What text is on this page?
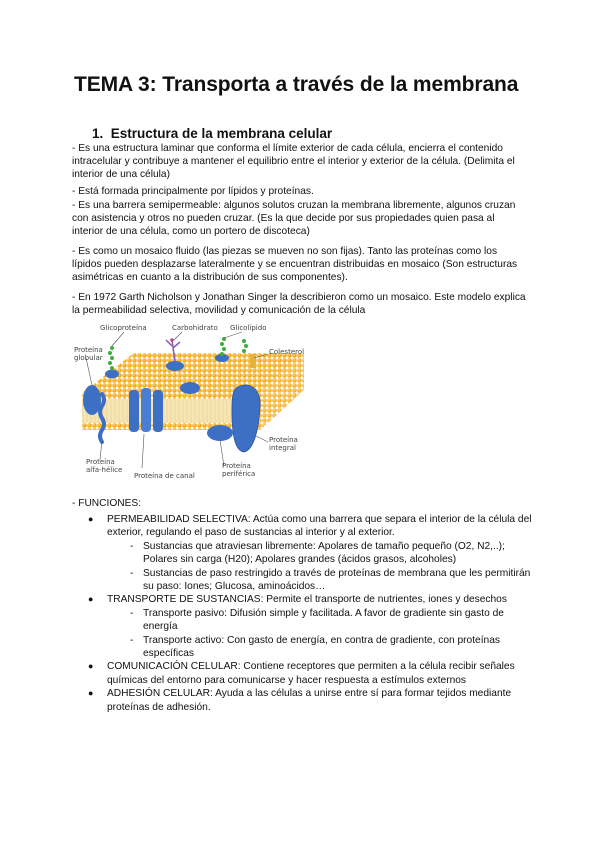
TEMA 3: Transporta a través de la membrana
1. Estructura de la membrana celular

- Es una estructura laminar que conforma el límite exterior de cada célula, encierra el contenido intracelular y contribuye a mantener el equilibrio entre el interior y exterior de la célula. (Delimita el interior de una célula)

- Está formada principalmente por lípidos y proteínas.

- Es una barrera semipermeable: algunos solutos cruzan la membrana libremente, algunos cruzan con asistencia y otros no pueden cruzar. (Es la que decide por sus propiedades quien pasa al interior de una célula, como un portero de discoteca)

- Es como un mosaico fluido (las piezas se mueven no son fijas). Tanto las proteínas como los lípidos pueden desplazarse lateralmente y se encuentran distribuidas en mosaico (Son estructuras asimétricas en cuanto a la distribución de sus componentes).

- En 1972 Garth Nicholson y Jonathan Singer la describieron como un mosaico. Este modelo explica la permeabilidad selectiva, movilidad y comunicación de la célula

Glicoproteína	Carbohidrato Glicolípido
Colesterol
Proteína globular
Proteína integral
Proteína alfa-hélice
Proteína de canal
Proteína periférica

- FUNCIONES:

● PERMEABILIDAD SELECTIVA: Actúa como una barrera que separa el interior de la célula del exterior, regulando el paso de sustancias al interior y al exterior.
- Sustancias que atraviesan libremente: Apolares de tamaño pequeño (O2, N2,..); Polares sin carga (H20); Apolares grandes (ácidos grasos, alcoholes)
- Sustancias de paso restringido a través de proteínas de membrana que les permitirán su paso: Iones; Glucosa, aminoácidos…
● TRANSPORTE DE SUSTANCIAS: Permite el transporte de nutrientes, iones y desechos
- Transporte pasivo: Difusión simple y facilitada. A favor de gradiente sin gasto de energía
- Transporte activo: Con gasto de energía, en contra de gradiente, con proteínas específicas
● COMUNICACIÓN CELULAR: Contiene receptores que permiten a la célula recibir señales químicas del entorno para comunicarse y hacer respuesta a estímulos externos
● ADHESIÓN CELULAR: Ayuda a las células a unirse entre sí para formar tejidos mediante proteínas de adhesión.
